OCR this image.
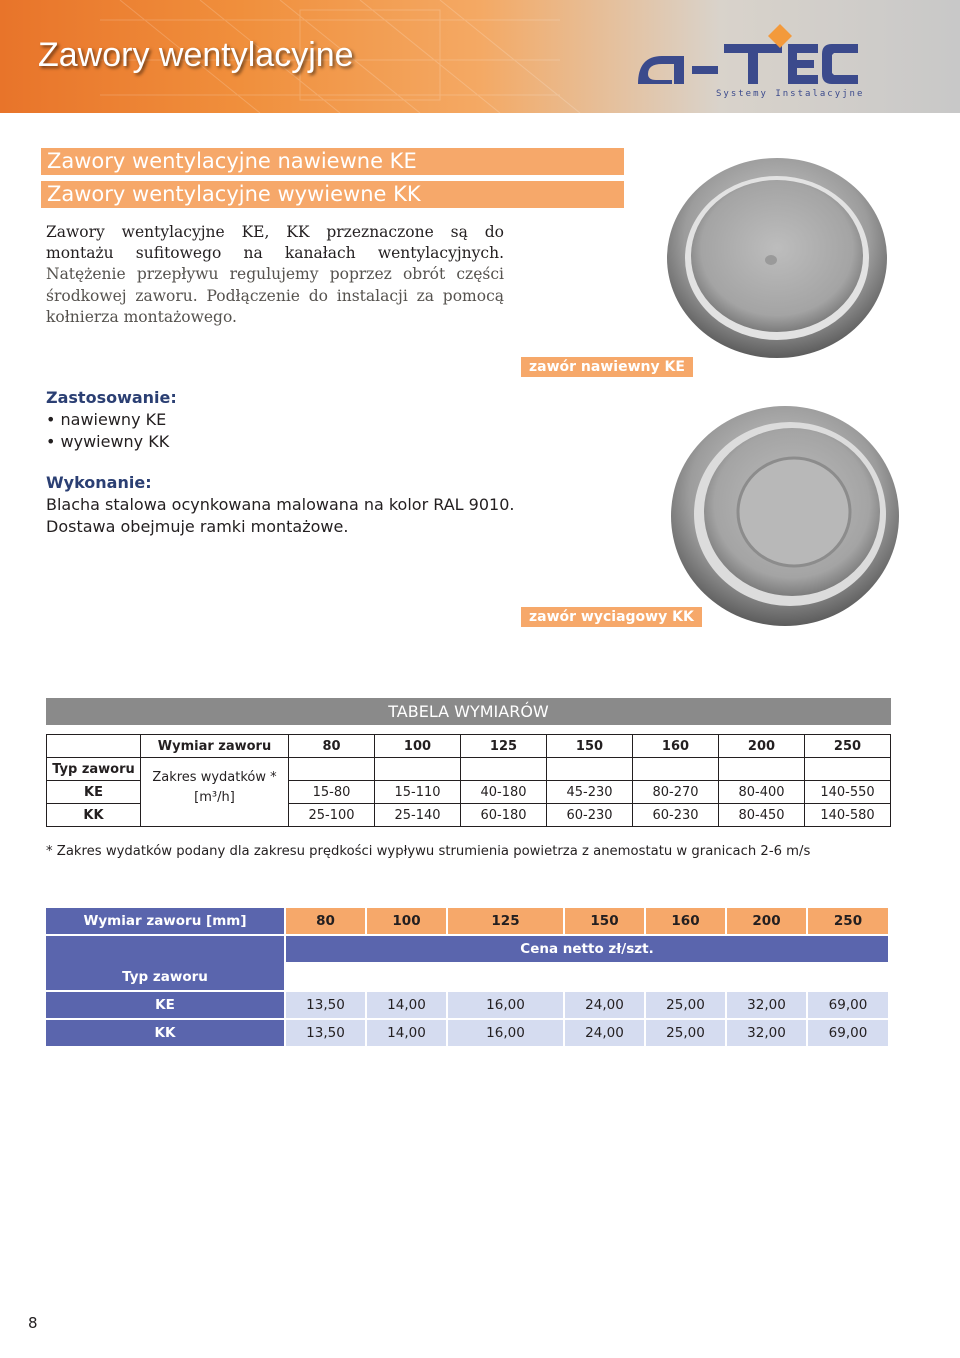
Zawory wentylacyjne
Systemy Instalacyjne
Zawory wentylacyjne nawiewne KE
Zawory wentylacyjne wywiewne KK
Zawory wentylacyjne KE, KK przeznaczone są do montażu sufitowego na kanałach wentylacyjnych. Natężenie przepływu regulujemy poprzez obrót części środkowej zaworu. Podłączenie do instalacji za pomocą kołnierza montażowego.
Zastosowanie:
• nawiewny KE
• wywiewny KK
Wykonanie:
Blacha stalowa ocynkowana malowana na kolor RAL 9010.
Dostawa obejmuje ramki montażowe.
zawór nawiewny KE
zawór wyciagowy KK
TABELA WYMIARÓW
	Wymiar zaworu	80	100	125	150	160	200	250
Typ zaworu	Zakres wydatków *
[m³/h]							

KE		15-80	15-110	40-180	45-230	80-270	80-400	140-550
KK		25-100	25-140	60-180	60-230	60-230	80-450	140-580
* Zakres wydatków podany dla zakresu prędkości wypływu strumienia powietrza z anemostatu w granicach 2-6 m/s
Wymiar zaworu [mm]	80	100	125	150	160	200	250
	Cena netto zł/szt.						
Typ zaworu							
KE	13,50	14,00	16,00	24,00	25,00	32,00	69,00
KK	13,50	14,00	16,00	24,00	25,00	32,00	69,00
8
